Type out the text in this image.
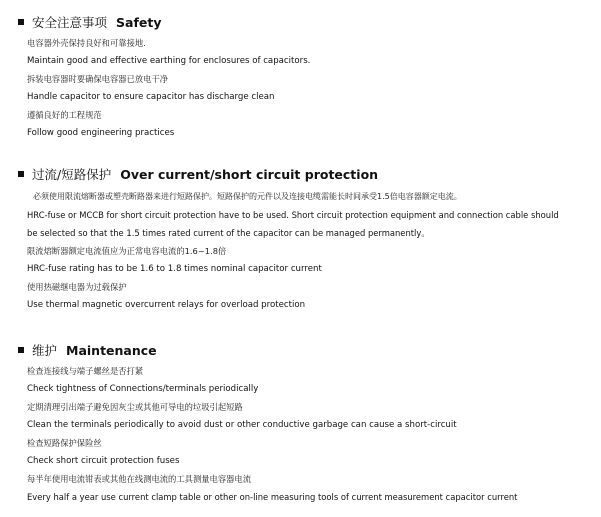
安全注意事项 Safety
电容器外壳保持良好和可靠接地.
Maintain good and effective earthing for enclosures of capacitors.
拆装电容器时要确保电容器已放电干净
Handle capacitor to ensure capacitor has discharge clean
遵循良好的工程规范
Follow good engineering practices
过流/短路保护 Over current/short circuit protection
必须使用限流熔断器或塑壳断路器来进行短路保护。短路保护的元件以及连接电缆需能长时间承受1.5倍电容器额定电流。
HRC-fuse or MCCB for short circuit protection have to be used. Short circuit protection equipment and connection cable should
be selected so that the 1.5 times rated current of the capacitor can be managed permanently。
限流熔断器额定电流值应为正常电容电流的1.6~1.8倍
HRC-fuse rating has to be 1.6 to 1.8 times nominal capacitor current
使用热磁继电器为过载保护
Use thermal magnetic overcurrent relays for overload protection
维护 Maintenance
检查连接线与端子螺丝是否打紧
Check tightness of Connections/terminals periodically
定期清理引出端子避免因灰尘或其他可导电的垃圾引起短路
Clean the terminals periodically to avoid dust or other conductive garbage can cause a short-circuit
检查短路保护保险丝
Check short circuit protection fuses
每半年使用电流钳表或其他在线测电流的工具测量电容器电流
Every half a year use current clamp table or other on-line measuring tools of current measurement capacitor current
